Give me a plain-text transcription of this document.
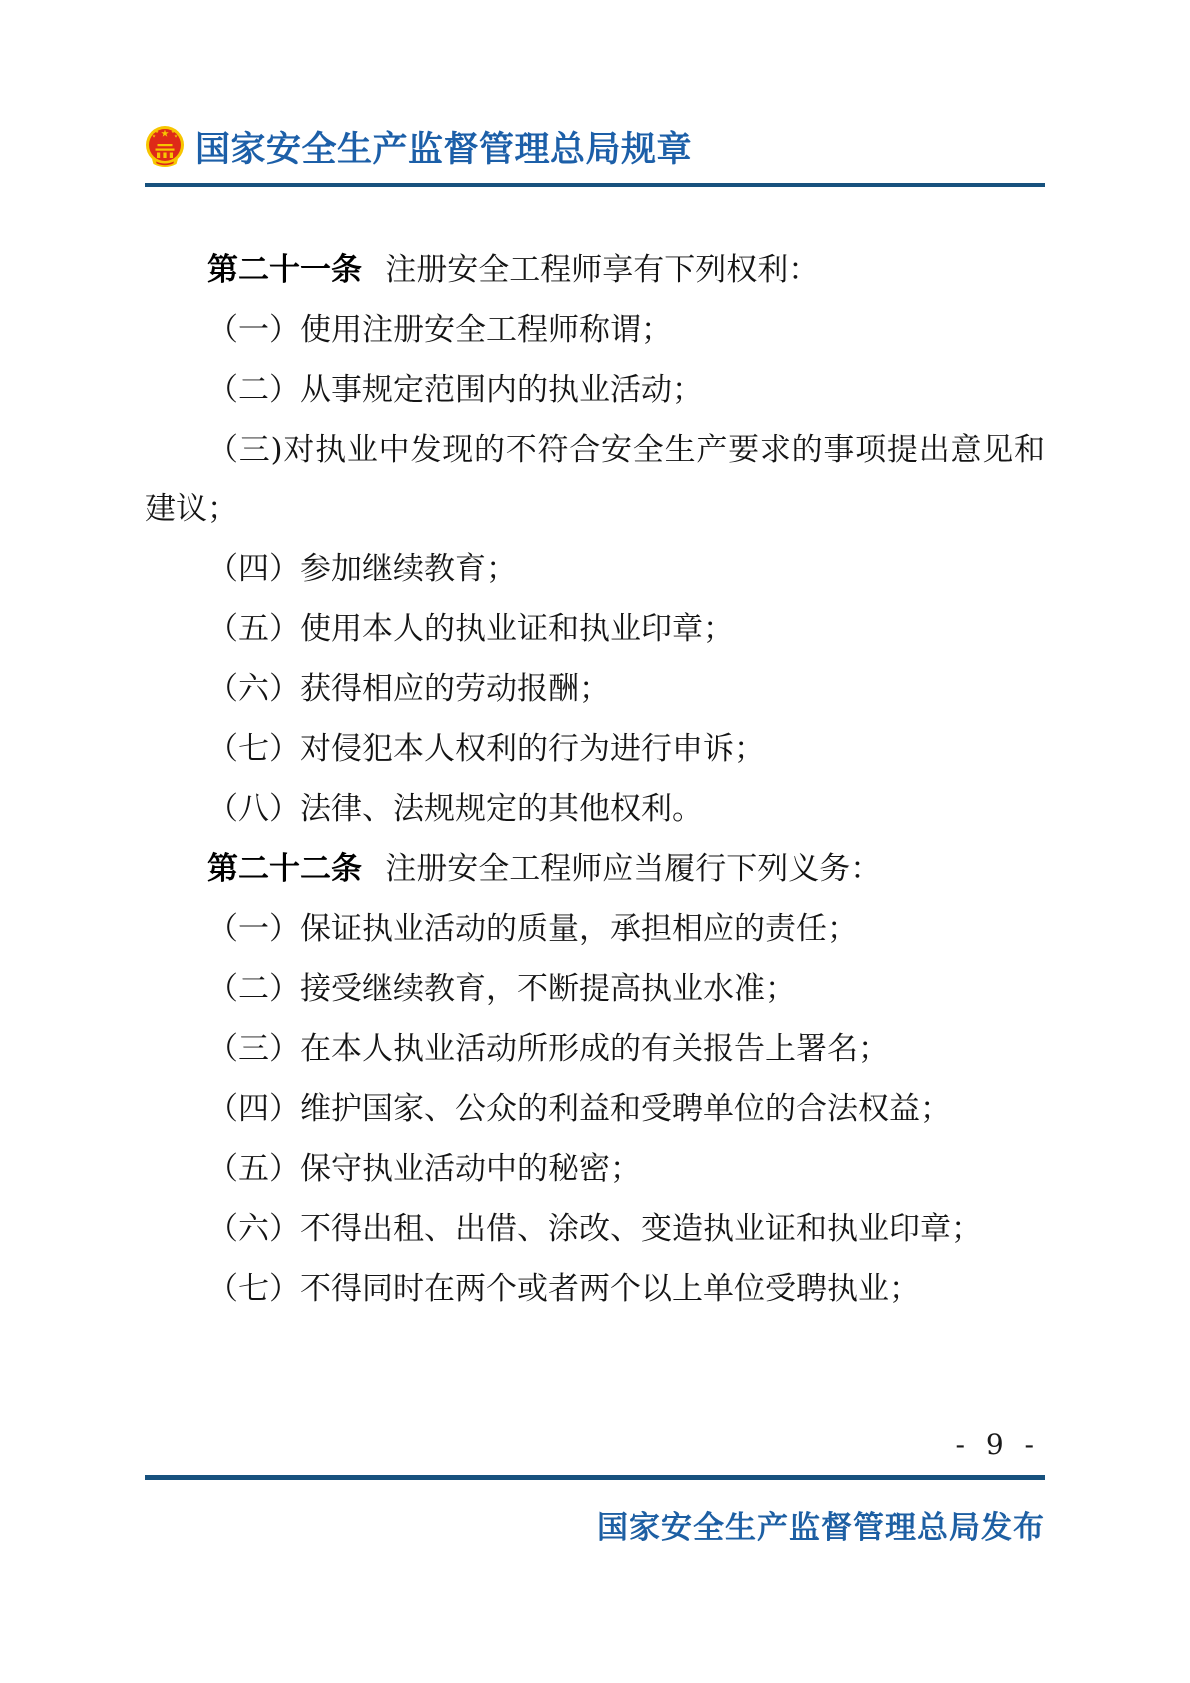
国家安全生产监督管理总局规章

第二十一条 注册安全工程师享有下列权利：

（一）使用注册安全工程师称谓；

（二）从事规定范围内的执业活动；

（三)对执业中发现的不符合安全生产要求的事项提出意见和建议；

（四）参加继续教育；

（五）使用本人的执业证和执业印章；

（六）获得相应的劳动报酬；

（七）对侵犯本人权利的行为进行申诉；

（八）法律、法规规定的其他权利。

第二十二条 注册安全工程师应当履行下列义务：

（一）保证执业活动的质量，承担相应的责任；

（二）接受继续教育，不断提高执业水准；

（三）在本人执业活动所形成的有关报告上署名；

（四）维护国家、公众的利益和受聘单位的合法权益；

（五）保守执业活动中的秘密；

（六）不得出租、出借、涂改、变造执业证和执业印章；

（七）不得同时在两个或者两个以上单位受聘执业；

- 9 -
国家安全生产监督管理总局发布
